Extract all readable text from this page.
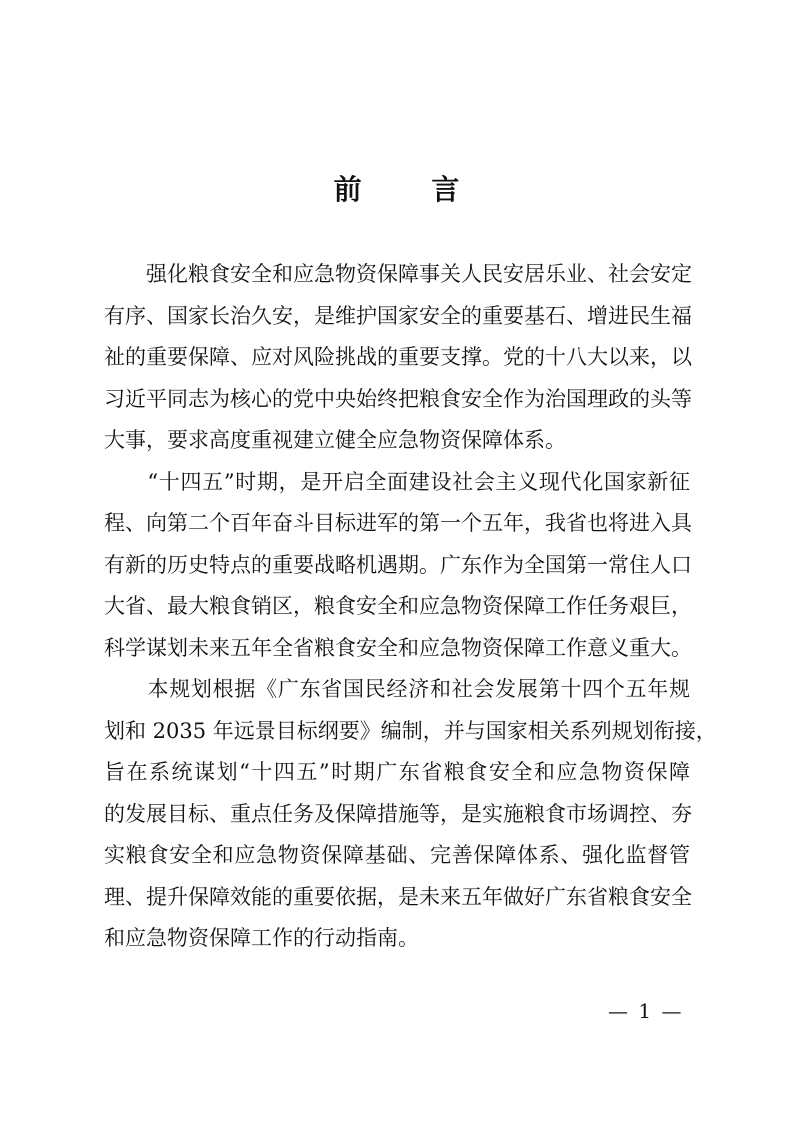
前 言

　　强化粮食安全和应急物资保障事关人民安居乐业、社会安定
有序、国家长治久安，是维护国家安全的重要基石、增进民生福
祉的重要保障、应对风险挑战的重要支撑。党的十八大以来，以
习近平同志为核心的党中央始终把粮食安全作为治国理政的头等
大事，要求高度重视建立健全应急物资保障体系。

　　“十四五”时期，是开启全面建设社会主义现代化国家新征
程、向第二个百年奋斗目标进军的第一个五年，我省也将进入具
有新的历史特点的重要战略机遇期。广东作为全国第一常住人口
大省、最大粮食销区，粮食安全和应急物资保障工作任务艰巨，
科学谋划未来五年全省粮食安全和应急物资保障工作意义重大。

　　本规划根据《广东省国民经济和社会发展第十四个五年规
划和 2035 年远景目标纲要》编制，并与国家相关系列规划衔接，
旨在系统谋划“十四五”时期广东省粮食安全和应急物资保障
的发展目标、重点任务及保障措施等，是实施粮食市场调控、夯
实粮食安全和应急物资保障基础、完善保障体系、强化监督管
理、提升保障效能的重要依据，是未来五年做好广东省粮食安全
和应急物资保障工作的行动指南。

— 1 —
